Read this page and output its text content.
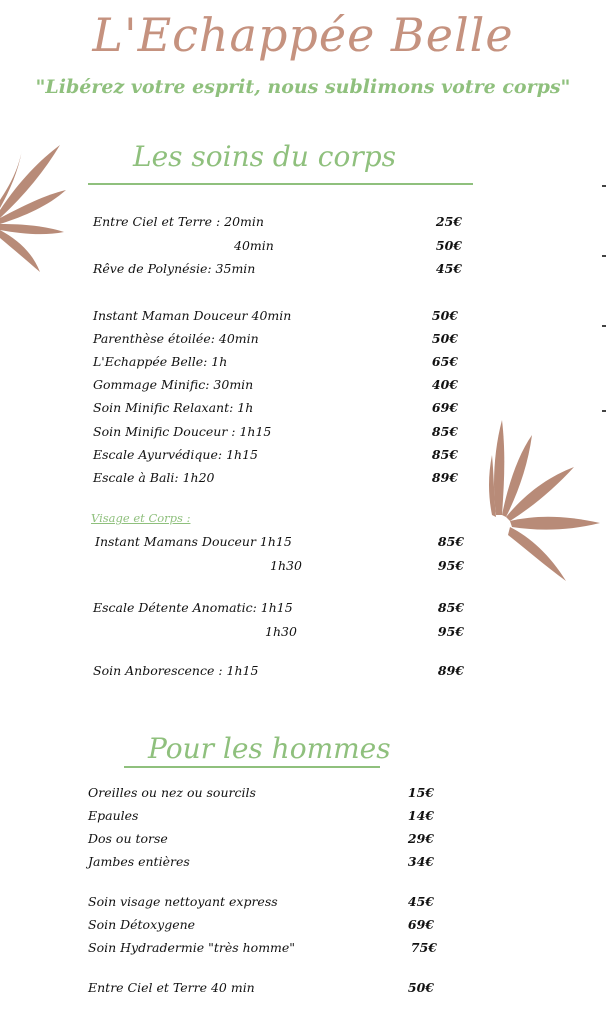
L'Echappée Belle
"Libérez votre esprit, nous sublimons votre corps"
Les soins du corps
Entre Ciel et Terre : 20min	25€
40min	50€
Rêve de Polynésie: 35min	45€
Instant Maman Douceur 40min	50€
Parenthèse étoilée: 40min	50€
L'Echappée Belle: 1h	65€
Gommage Minific: 30min	40€
Soin Minific Relaxant: 1h	69€
Soin Minific Douceur : 1h15	85€
Escale Ayurvédique: 1h15	85€
Escale à Bali: 1h20	89€
Visage et Corps :
Instant Mamans Douceur 1h15	85€
1h30	95€
Escale Détente Anomatic: 1h15	85€
1h30	95€
Soin Anborescence : 1h15	89€
Pour les hommes
Oreilles ou nez ou sourcils	15€
Epaules	14€
Dos ou torse	29€
Jambes entières	34€
Soin visage nettoyant express	45€
Soin Détoxygene	69€
Soin Hydradermie "très homme"	75€
Entre Ciel et Terre 40 min	50€
